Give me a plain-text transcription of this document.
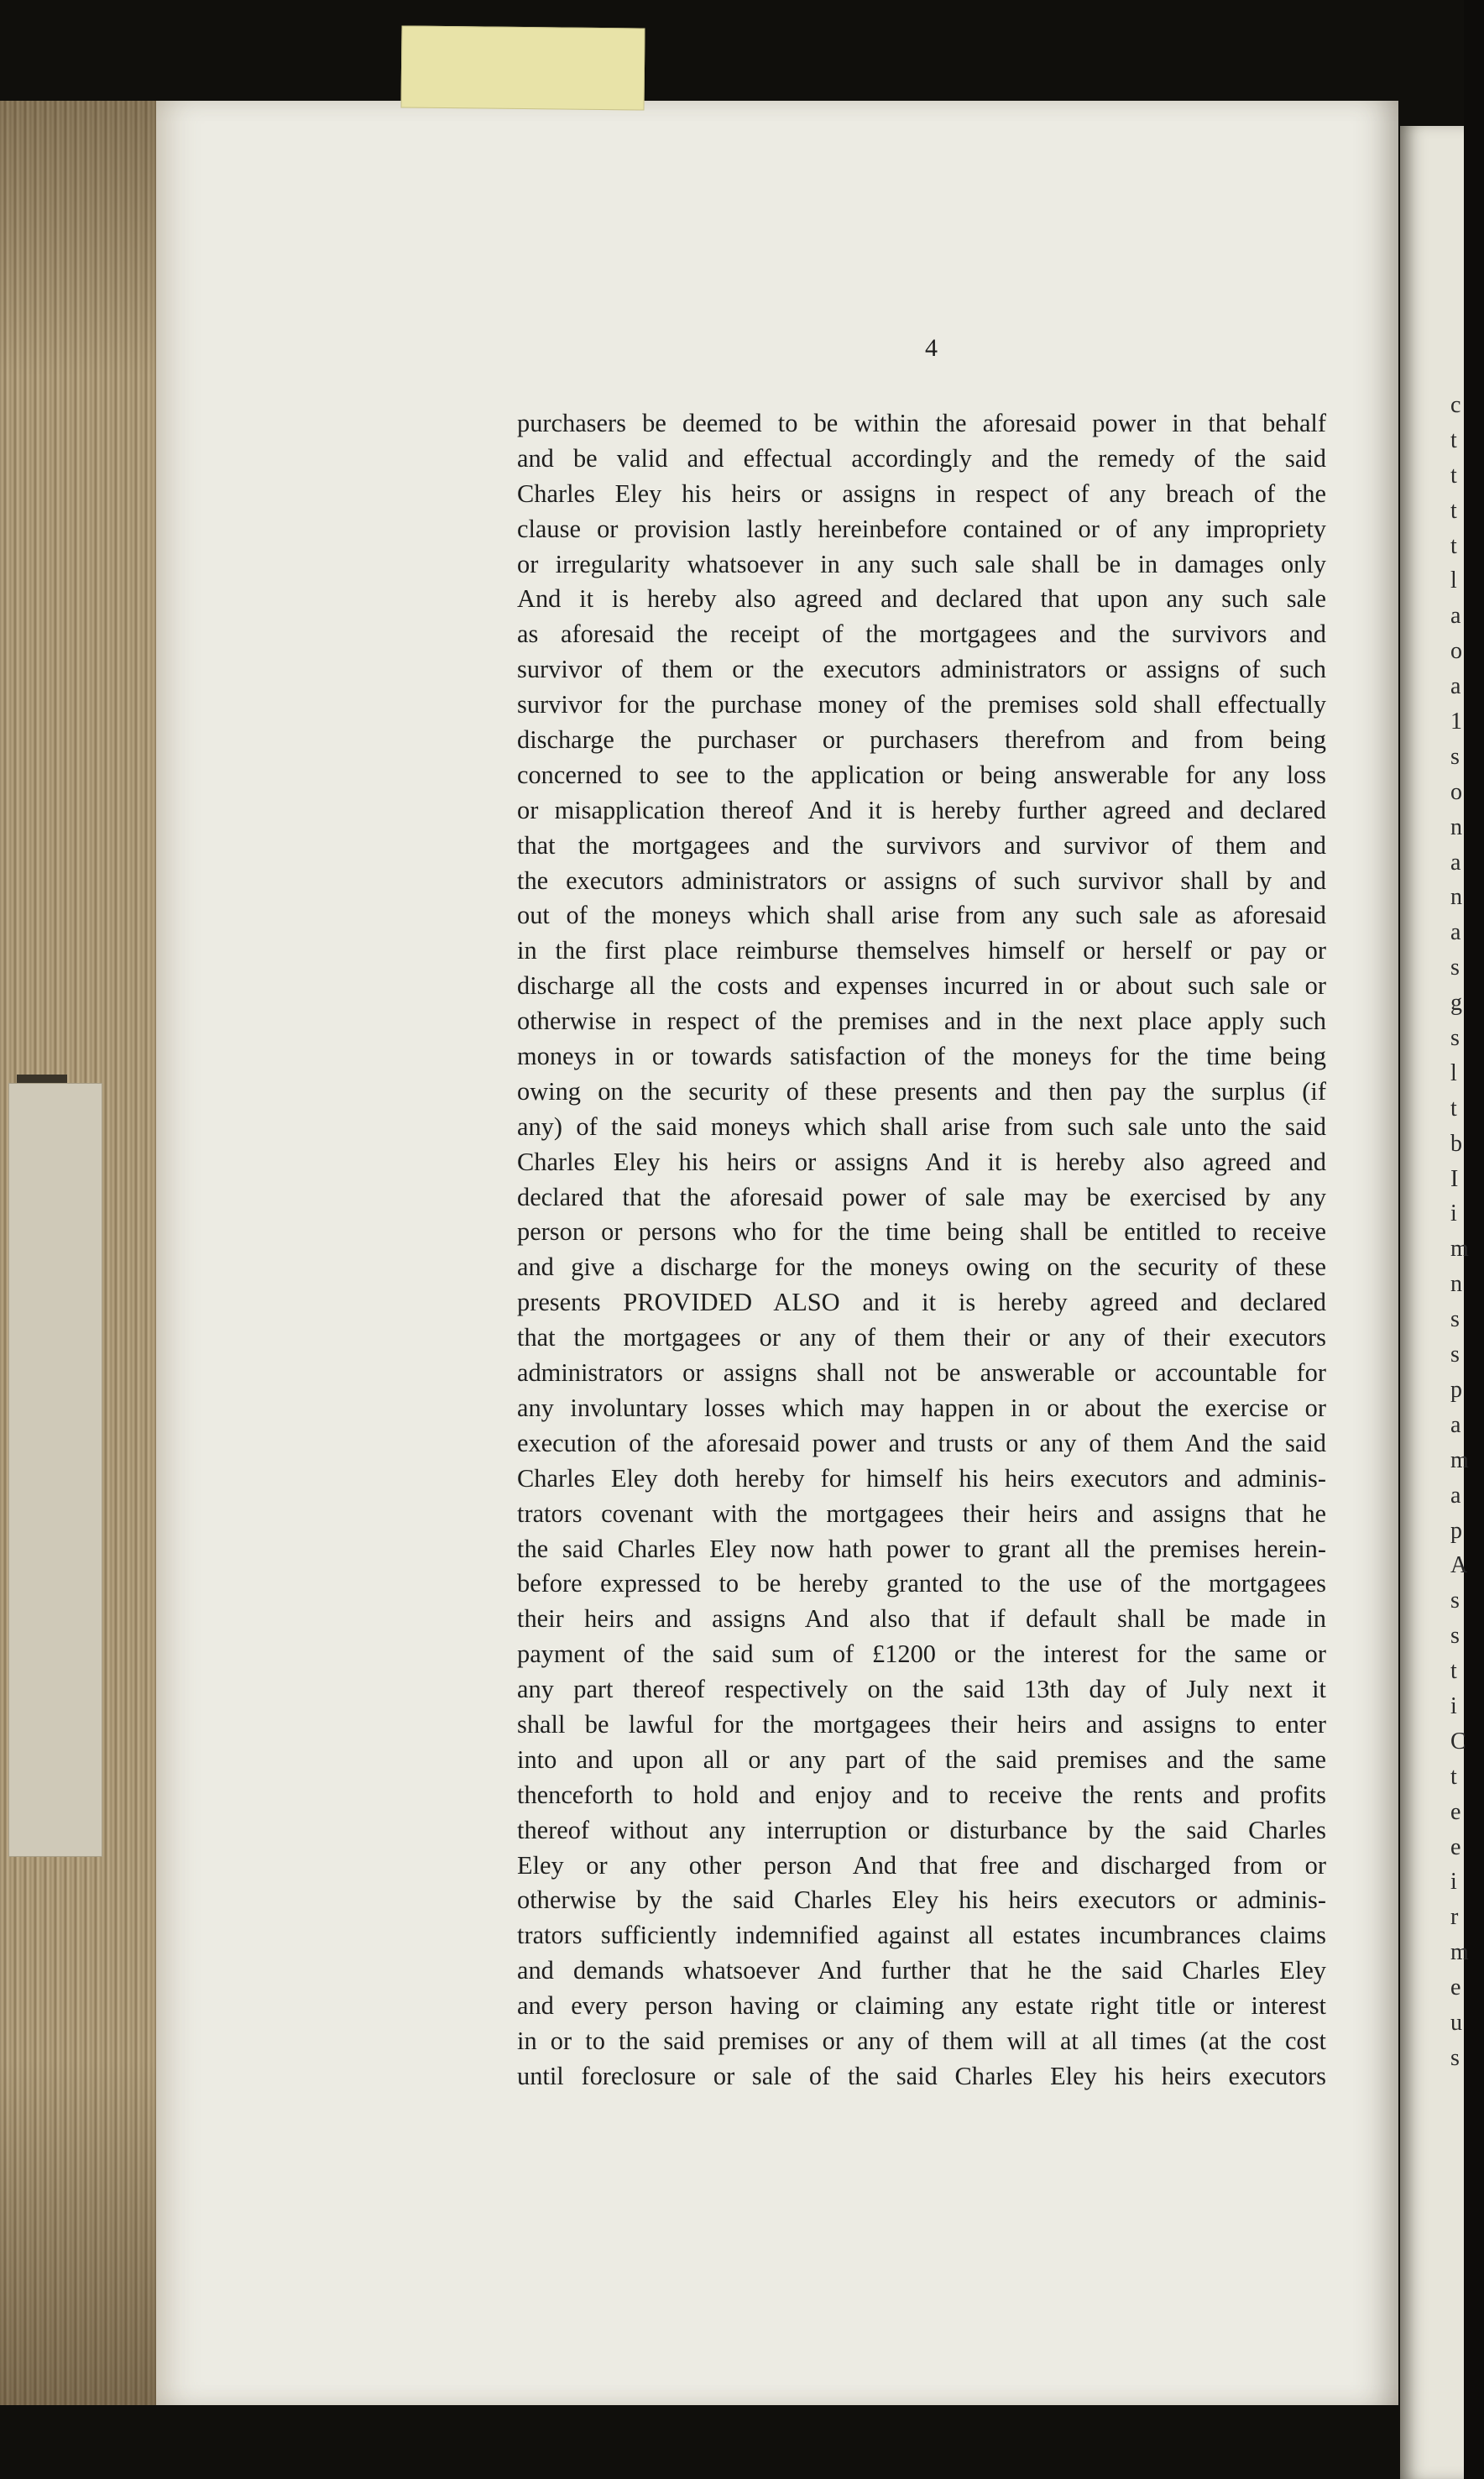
4
purchasers be deemed to be within the aforesaid power in that behalf
and be valid and effectual accordingly and the remedy of the said
Charles Eley his heirs or assigns in respect of any breach of the
clause or provision lastly hereinbefore contained or of any impropriety
or irregularity whatsoever in any such sale shall be in damages only
And it is hereby also agreed and declared that upon any such sale
as aforesaid the receipt of the mortgagees and the survivors and
survivor of them or the executors administrators or assigns of such
survivor for the purchase money of the premises sold shall effectually
discharge the purchaser or purchasers therefrom and from being
concerned to see to the application or being answerable for any loss
or misapplication thereof And it is hereby further agreed and declared
that the mortgagees and the survivors and survivor of them and
the executors administrators or assigns of such survivor shall by and
out of the moneys which shall arise from any such sale as aforesaid
in the first place reimburse themselves himself or herself or pay or
discharge all the costs and expenses incurred in or about such sale or
otherwise in respect of the premises and in the next place apply such
moneys in or towards satisfaction of the moneys for the time being
owing on the security of these presents and then pay the surplus (if
any) of the said moneys which shall arise from such sale unto the said
Charles Eley his heirs or assigns And it is hereby also agreed and
declared that the aforesaid power of sale may be exercised by any
person or persons who for the time being shall be entitled to receive
and give a discharge for the moneys owing on the security of these
presents PROVIDED ALSO and it is hereby agreed and declared
that the mortgagees or any of them their or any of their executors
administrators or assigns shall not be answerable or accountable for
any involuntary losses which may happen in or about the exercise or
execution of the aforesaid power and trusts or any of them And the said
Charles Eley doth hereby for himself his heirs executors and adminis-
trators covenant with the mortgagees their heirs and assigns that he
the said Charles Eley now hath power to grant all the premises herein-
before expressed to be hereby granted to the use of the mortgagees
their heirs and assigns And also that if default shall be made in
payment of the said sum of £1200 or the interest for the same or
any part thereof respectively on the said 13th day of July next it
shall be lawful for the mortgagees their heirs and assigns to enter
into and upon all or any part of the said premises and the same
thenceforth to hold and enjoy and to receive the rents and profits
thereof without any interruption or disturbance by the said Charles
Eley or any other person And that free and discharged from or
otherwise by the said Charles Eley his heirs executors or adminis-
trators sufficiently indemnified against all estates incumbrances claims
and demands whatsoever And further that he the said Charles Eley
and every person having or claiming any estate right title or interest
in or to the said premises or any of them will at all times (at the cost
until foreclosure or sale of the said Charles Eley his heirs executors
c
t
t
t
t
l
a
o
a
1
s
o
n
a
n
a
s
g
s
l
t
b
I
i
m
n
s
s
p
a
m
a
p
A
s
s
t
i
C
t
e
e
i
r
m
e
u
s
